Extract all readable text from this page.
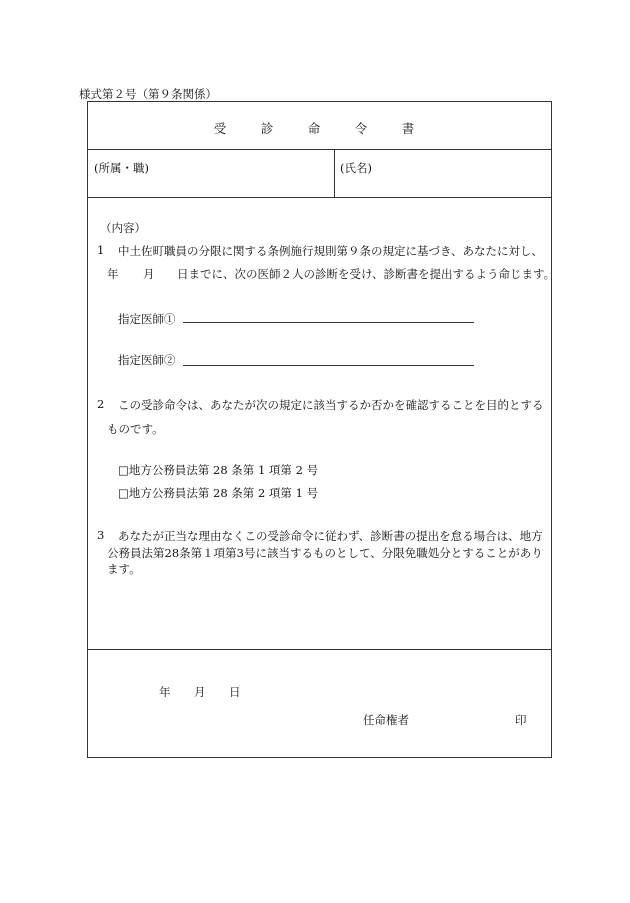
様式第２号（第９条関係）
受　診　命　令　書
(所属・職)	(氏名)
（内容）
1 中土佐町職員の分限に関する条例施行規則第９条の規定に基づき、あなたに対し、
年 月 日までに、次の医師２人の診断を受け、診断書を提出するよう命じます。
指定医師①
指定医師②
2 この受診命令は、あなたが次の規定に該当するか否かを確認することを目的とする
ものです。
□地方公務員法第 28 条第 1 項第 2 号
□地方公務員法第 28 条第 2 項第 1 号
3 あなたが正当な理由なくこの受診命令に従わず、診断書の提出を怠る場合は、地方
公務員法第28条第１項第3号に該当するものとして、分限免職処分とすることがあり
ます。
年 月 日
任命権者	印
